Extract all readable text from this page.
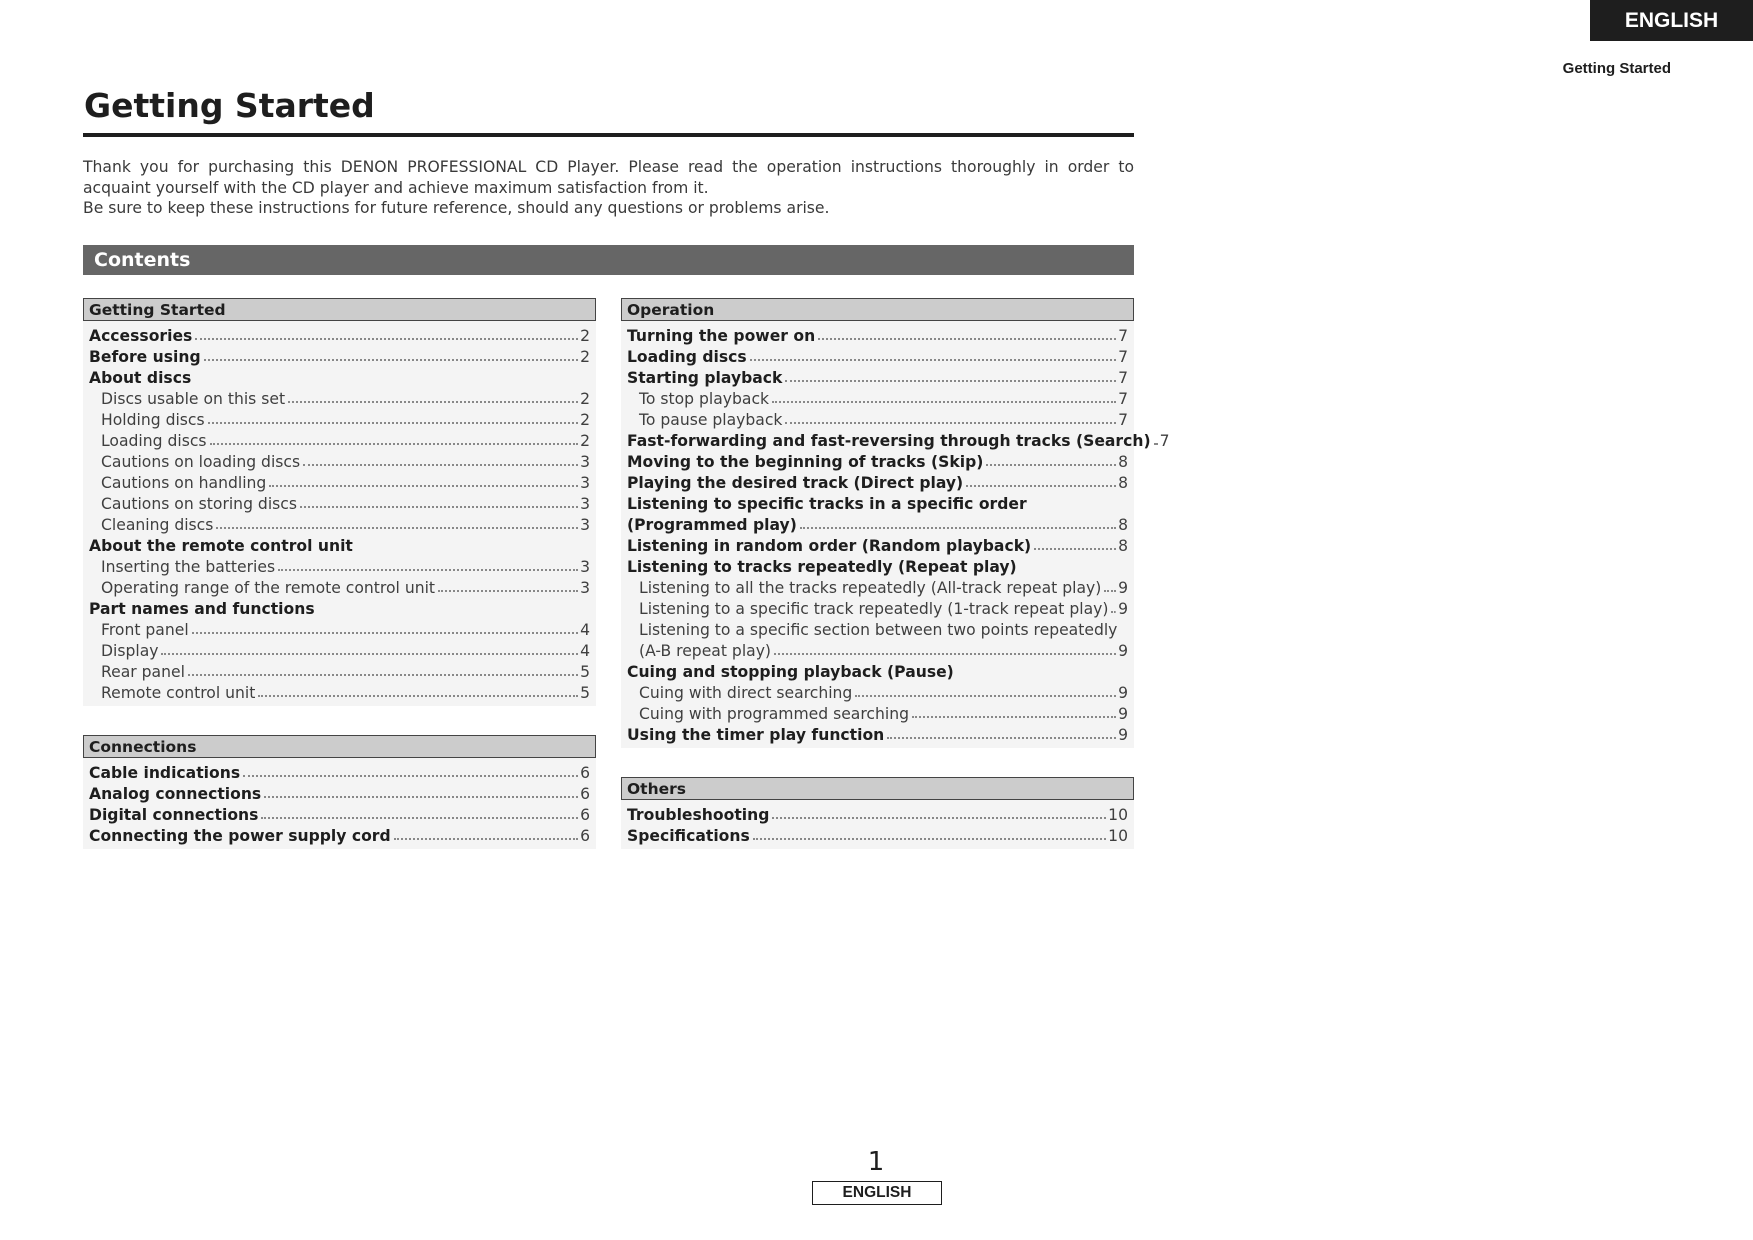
ENGLISH
Getting Started
Getting Started

Thank you for purchasing this DENON PROFESSIONAL CD Player. Please read the operation instructions thoroughly in order to acquaint yourself with the CD player and achieve maximum satisfaction from it.

Be sure to keep these instructions for future reference, should any questions or problems arise.

Contents
Getting Started
Accessories	2
Before using	2
About discs
Discs usable on this set	2
Holding discs	2
Loading discs	2
Cautions on loading discs	3
Cautions on handling	3
Cautions on storing discs	3
Cleaning discs	3
About the remote control unit
Inserting the batteries	3
Operating range of the remote control unit	3
Part names and functions
Front panel	4
Display	4
Rear panel	5
Remote control unit	5
Connections
Cable indications	6
Analog connections	6
Digital connections	6
Connecting the power supply cord	6
Operation
Turning the power on	7
Loading discs	7
Starting playback	7
To stop playback	7
To pause playback	7
Fast-forwarding and fast-reversing through tracks (Search) 7
Moving to the beginning of tracks (Skip)	8
Playing the desired track (Direct play)	8
Listening to specific tracks in a specific order
(Programmed play)	8
Listening in random order (Random playback)	8
Listening to tracks repeatedly (Repeat play)
Listening to all the tracks repeatedly (All-track repeat play) 9
Listening to a specific track repeatedly (1-track repeat play) 9
Listening to a specific section between two points repeatedly
(A-B repeat play)	9
Cuing and stopping playback (Pause)
Cuing with direct searching	9
Cuing with programmed searching	9
Using the timer play function	9
Others
Troubleshooting	10
Specifications	10
1
ENGLISH
